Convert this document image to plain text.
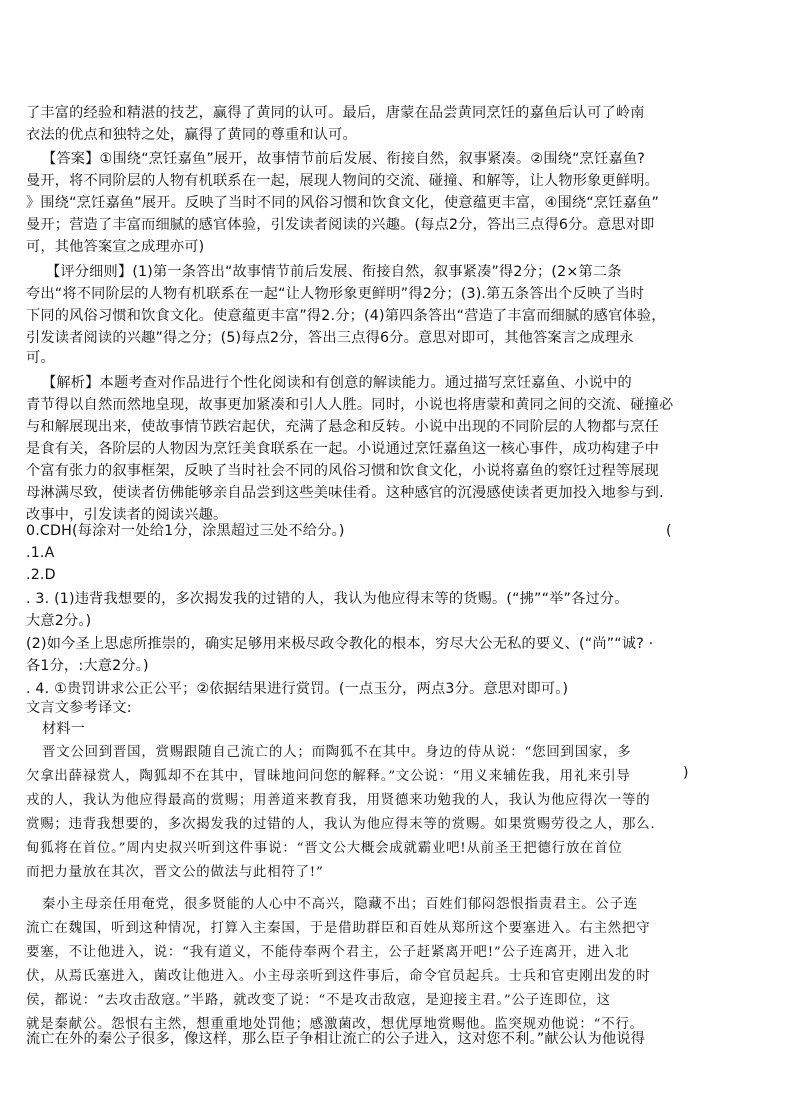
了丰富的经验和精湛的技艺，赢得了黄同的认可。最后，唐蒙在品尝黄同烹饪的嘉鱼后认可了岭南
衣法的优点和独特之处，赢得了黄同的尊重和认可。
【答案】①围绕“烹饪嘉鱼”展开，故事情节前后发展、衔接自然，叙事紧凑。②围绕“烹饪嘉鱼?
曼开，将不同阶层的人物有机联系在一起，展现人物间的交流、碰撞、和解等，让人物形象更鲜明。
》围绕“烹饪嘉鱼”展开。反映了当时不同的风俗习惯和饮食文化，使意蕴更丰富，④围绕“烹饪嘉鱼”
曼开；营造了丰富而细腻的感官体验，引发读者阅读的兴趣。(每点2分，答出三点得6分。意思对即
可，其他答案宣之成理亦可)
【评分细则】(1)第一条答出“故事情节前后发展、衔接自然，叙事紧凑”得2分；(2×第二条
夸出“将不同阶层的人物有机联系在一起“让人物形象更鲜明”得2分；(3).第五条答出个反映了当时
下同的风俗习惯和饮食文化。使意蕴更丰富”得2.分；(4)第四条答出“营造了丰富而细腻的感官体验，
引发读者阅读的兴趣”得之分；(5)每点2分，答出三点得6分。意思对即可，其他答案言之成理永
可。
【解析】本题考查对作品进行个性化阅读和有创意的解读能力。通过描写烹饪嘉鱼、小说中的
青节得以自然而然地皇现，故事更加紧凑和引人人胜。同时，小说也将唐蒙和黄同之间的交流、碰撞必
与和解展现出来，使故事情节跌宕起伏，充满了悬念和反转。小说中出现的不同阶层的人物都与烹任
是食有关，各阶层的人物因为烹饪美食联系在一起。小说通过烹饪嘉鱼这一核心事件，成功构建子中
个富有张力的叙事框架，反映了当时社会不同的风俗习惯和饮食文化，小说将嘉鱼的察饪过程等展现
母淋满尽致，使读者仿佛能够亲自品尝到这些美味佳肴。这种感官的沉漫感使读者更加投入地参与到.
改事中，引发读者的阅读兴趣。
0.CDH(每涂对一处给1分，涂黑超过三处不给分。)	(
.1.A
.2.D
. 3. (1)违背我想要的，多次揭发我的过错的人，我认为他应得末等的货赐。(“拂”“举”各过分。
大意2分。)
(2)如今圣上思虑所推崇的，确实足够用来极尽政令教化的根本，穷尽大公无私的要义、(“尚”“诚? ·
各1分，:大意2分。)
. 4. ①贵罚讲求公正公平；②依据结果进行赏罚。(一点玉分，两点3分。意思对即可。)
文言文参考译文:
材料一
晋文公回到晋国，赏赐跟随自己流亡的人；而陶狐不在其中。身边的侍从说：“您回到国家，多
欠拿出薛禄赏人，陶狐却不在其中，冒昧地问问您的解释。”文公说：“用义来辅佐我，用礼来引导	)
戎的人，我认为他应得最高的赏赐；用善道来教育我，用贤德来功勉我的人，我认为他应得次一等的
赏赐；违背我想要的，多次揭发我的过错的人，我认为他应得末等的赏赐。如果赏赐劳役之人，那么.
甸狐将在首位。”周内史叔兴听到这件事说：“晋文公大概会成就霸业吧!从前圣王把德行放在首位
而把力量放在其次，晋文公的做法与此相符了!”
秦小主母亲任用奄党，很多贤能的人心中不高兴，隐藏不出；百姓们郁闷怨恨指责君主。公子连
流亡在魏国，听到这种情况，打算入主秦国，于是借助群臣和百姓从郑所这个要塞进入。右主然把守
要塞，不让他进入，说：“我有道义，不能侍奉两个君主，公子赶紧离开吧!”公子连离开，进入北
伏，从焉氏塞进入，菌改让他进入。小主母亲听到这件事后，命令官员起兵。士兵和官吏刚出发的时
侯，都说：“去攻击敌寇。”半路，就改变了说：“不是攻击敌寇，是迎接主君。”公子连即位，这
就是秦献公。怨恨右主然，想重重地处罚他；感激菌改，想优厚地赏赐他。监突规劝他说：“不行。
流亡在外的秦公子很多，像这样，那么臣子争相让流亡的公子进入，这对您不利。”献公认为他说得
